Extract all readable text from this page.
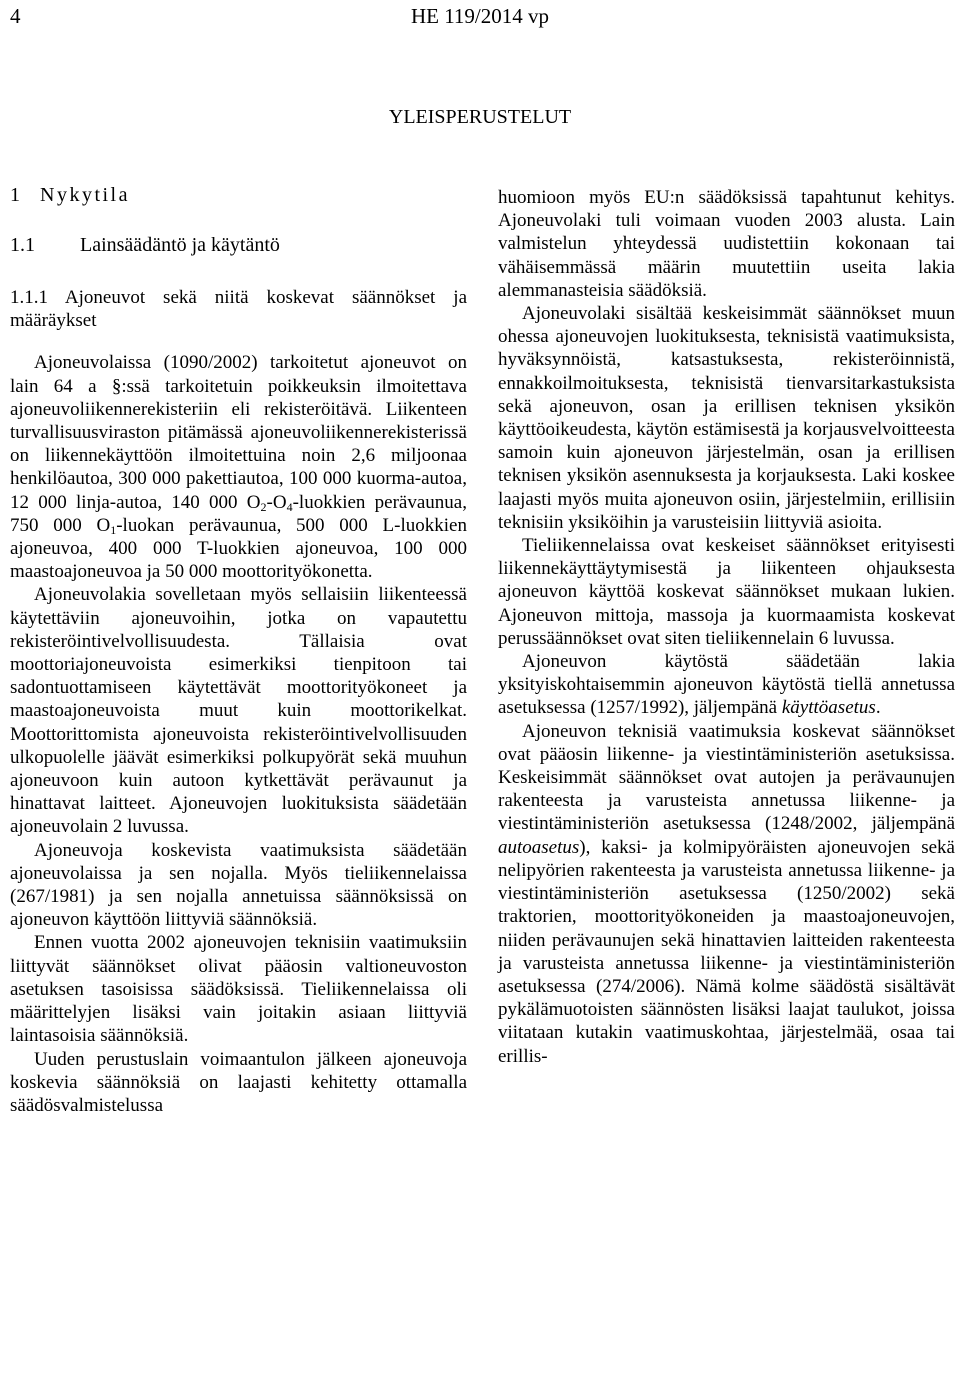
4	HE 119/2014 vp
YLEISPERUSTELUT
1 Nykytila
1.1 Lainsäädäntö ja käytäntö

1.1.1 Ajoneuvot sekä niitä koskevat säännökset ja määräykset

Ajoneuvolaissa (1090/2002) tarkoitetut ajoneuvot on lain 64 a §:ssä tarkoitetuin poikkeuksin ilmoitettava ajoneuvoliikennerekisteriin eli rekisteröitävä. Liikenteen turvallisuusviraston pitämässä ajoneuvoliikennerekisterissä on liikennekäyttöön ilmoitettuina noin 2,6 miljoonaa henkilöautoa, 300 000 pakettiautoa, 100 000 kuorma-autoa, 12 000 linja-autoa, 140 000 $O_2-O_4$-luokkien perävaunua, 750 000 $O_1$-luokan perävaunua, 500 000 L-luokkien ajoneuvoa, 400 000 T-luokkien ajoneuvoa, 100 000 maastoajoneuvoa ja 50 000 moottorityökonetta.

Ajoneuvolakia sovelletaan myös sellaisiin liikenteessä käytettäviin ajoneuvoihin, jotka on vapautettu rekisteröintivelvollisuudesta. Tällaisia ovat moottoriajoneuvoista esimerkiksi tienpitoon tai sadontuottamiseen käytettävät moottorityökoneet ja maastoajoneuvoista muut kuin moottorikelkat. Moottorittomista ajoneuvoista rekisteröintivelvollisuuden ulkopuolelle jäävät esimerkiksi polkupyörät sekä muuhun ajoneuvoon kuin autoon kytkettävät perävaunut ja hinattavat laitteet. Ajoneuvojen luokituksista säädetään ajoneuvolain 2 luvussa.

Ajoneuvoja koskevista vaatimuksista säädetään ajoneuvolaissa ja sen nojalla. Myös tieliikennelaissa (267/1981) ja sen nojalla annetuissa säännöksissä on ajoneuvon käyttöön liittyviä säännöksiä.

Ennen vuotta 2002 ajoneuvojen teknisiin vaatimuksiin liittyvät säännökset olivat pääosin valtioneuvoston asetuksen tasoisissa säädöksissä. Tieliikennelaissa oli määrittelyjen lisäksi vain joitakin asiaan liittyviä laintasoisia säännöksiä.

Uuden perustuslain voimaantulon jälkeen ajoneuvoja koskevia säännöksiä on laajasti kehitetty ottamalla säädösvalmistelussa

huomioon myös EU:n säädöksissä tapahtunut kehitys. Ajoneuvolaki tuli voimaan vuoden 2003 alusta. Lain valmistelun yhteydessä uudistettiin kokonaan tai vähäisemmässä määrin muutettiin useita lakia alemmanasteisia säädöksiä.

Ajoneuvolaki sisältää keskeisimmät säännökset muun ohessa ajoneuvojen luokituksesta, teknisistä vaatimuksista, hyväksynnöistä, katsastuksesta, rekisteröinnistä, ennakkoilmoituksesta, teknisistä tienvarsitarkastuksista sekä ajoneuvon, osan ja erillisen teknisen yksikön käyttöoikeudesta, käytön estämisestä ja korjausvelvoitteesta samoin kuin ajoneuvon järjestelmän, osan ja erillisen teknisen yksikön asennuksesta ja korjauksesta. Laki koskee laajasti myös muita ajoneuvon osiin, järjestelmiin, erillisiin teknisiin yksiköihin ja varusteisiin liittyviä asioita.

Tieliikennelaissa ovat keskeiset säännökset erityisesti liikennekäyttäytymisestä ja liikenteen ohjauksesta ajoneuvon käyttöä koskevat säännökset mukaan lukien. Ajoneuvon mittoja, massoja ja kuormaamista koskevat perussäännökset ovat siten tieliikennelain 6 luvussa.

Ajoneuvon käytöstä säädetään lakia yksityiskohtaisemmin ajoneuvon käytöstä tiellä annetussa asetuksessa (1257/1992), jäljempänä käyttöasetus.

Ajoneuvon teknisiä vaatimuksia koskevat säännökset ovat pääosin liikenne- ja viestintäministeriön asetuksissa. Keskeisimmät säännökset ovat autojen ja perävaunujen rakenteesta ja varusteista annetussa liikenne- ja viestintäministeriön asetuksessa (1248/2002, jäljempänä autoasetus), kaksi- ja kolmipyöräisten ajoneuvojen sekä nelipyörien rakenteesta ja varusteista annetussa liikenne- ja viestintäministeriön asetuksessa (1250/2002) sekä traktorien, moottorityökoneiden ja maastoajoneuvojen, niiden perävaunujen sekä hinattavien laitteiden rakenteesta ja varusteista annetussa liikenne- ja viestintäministeriön asetuksessa (274/2006). Nämä kolme säädöstä sisältävät pykälämuotoisten säännösten lisäksi laajat taulukot, joissa viitataan kutakin vaatimuskohtaa, järjestelmää, osaa tai erillis-
